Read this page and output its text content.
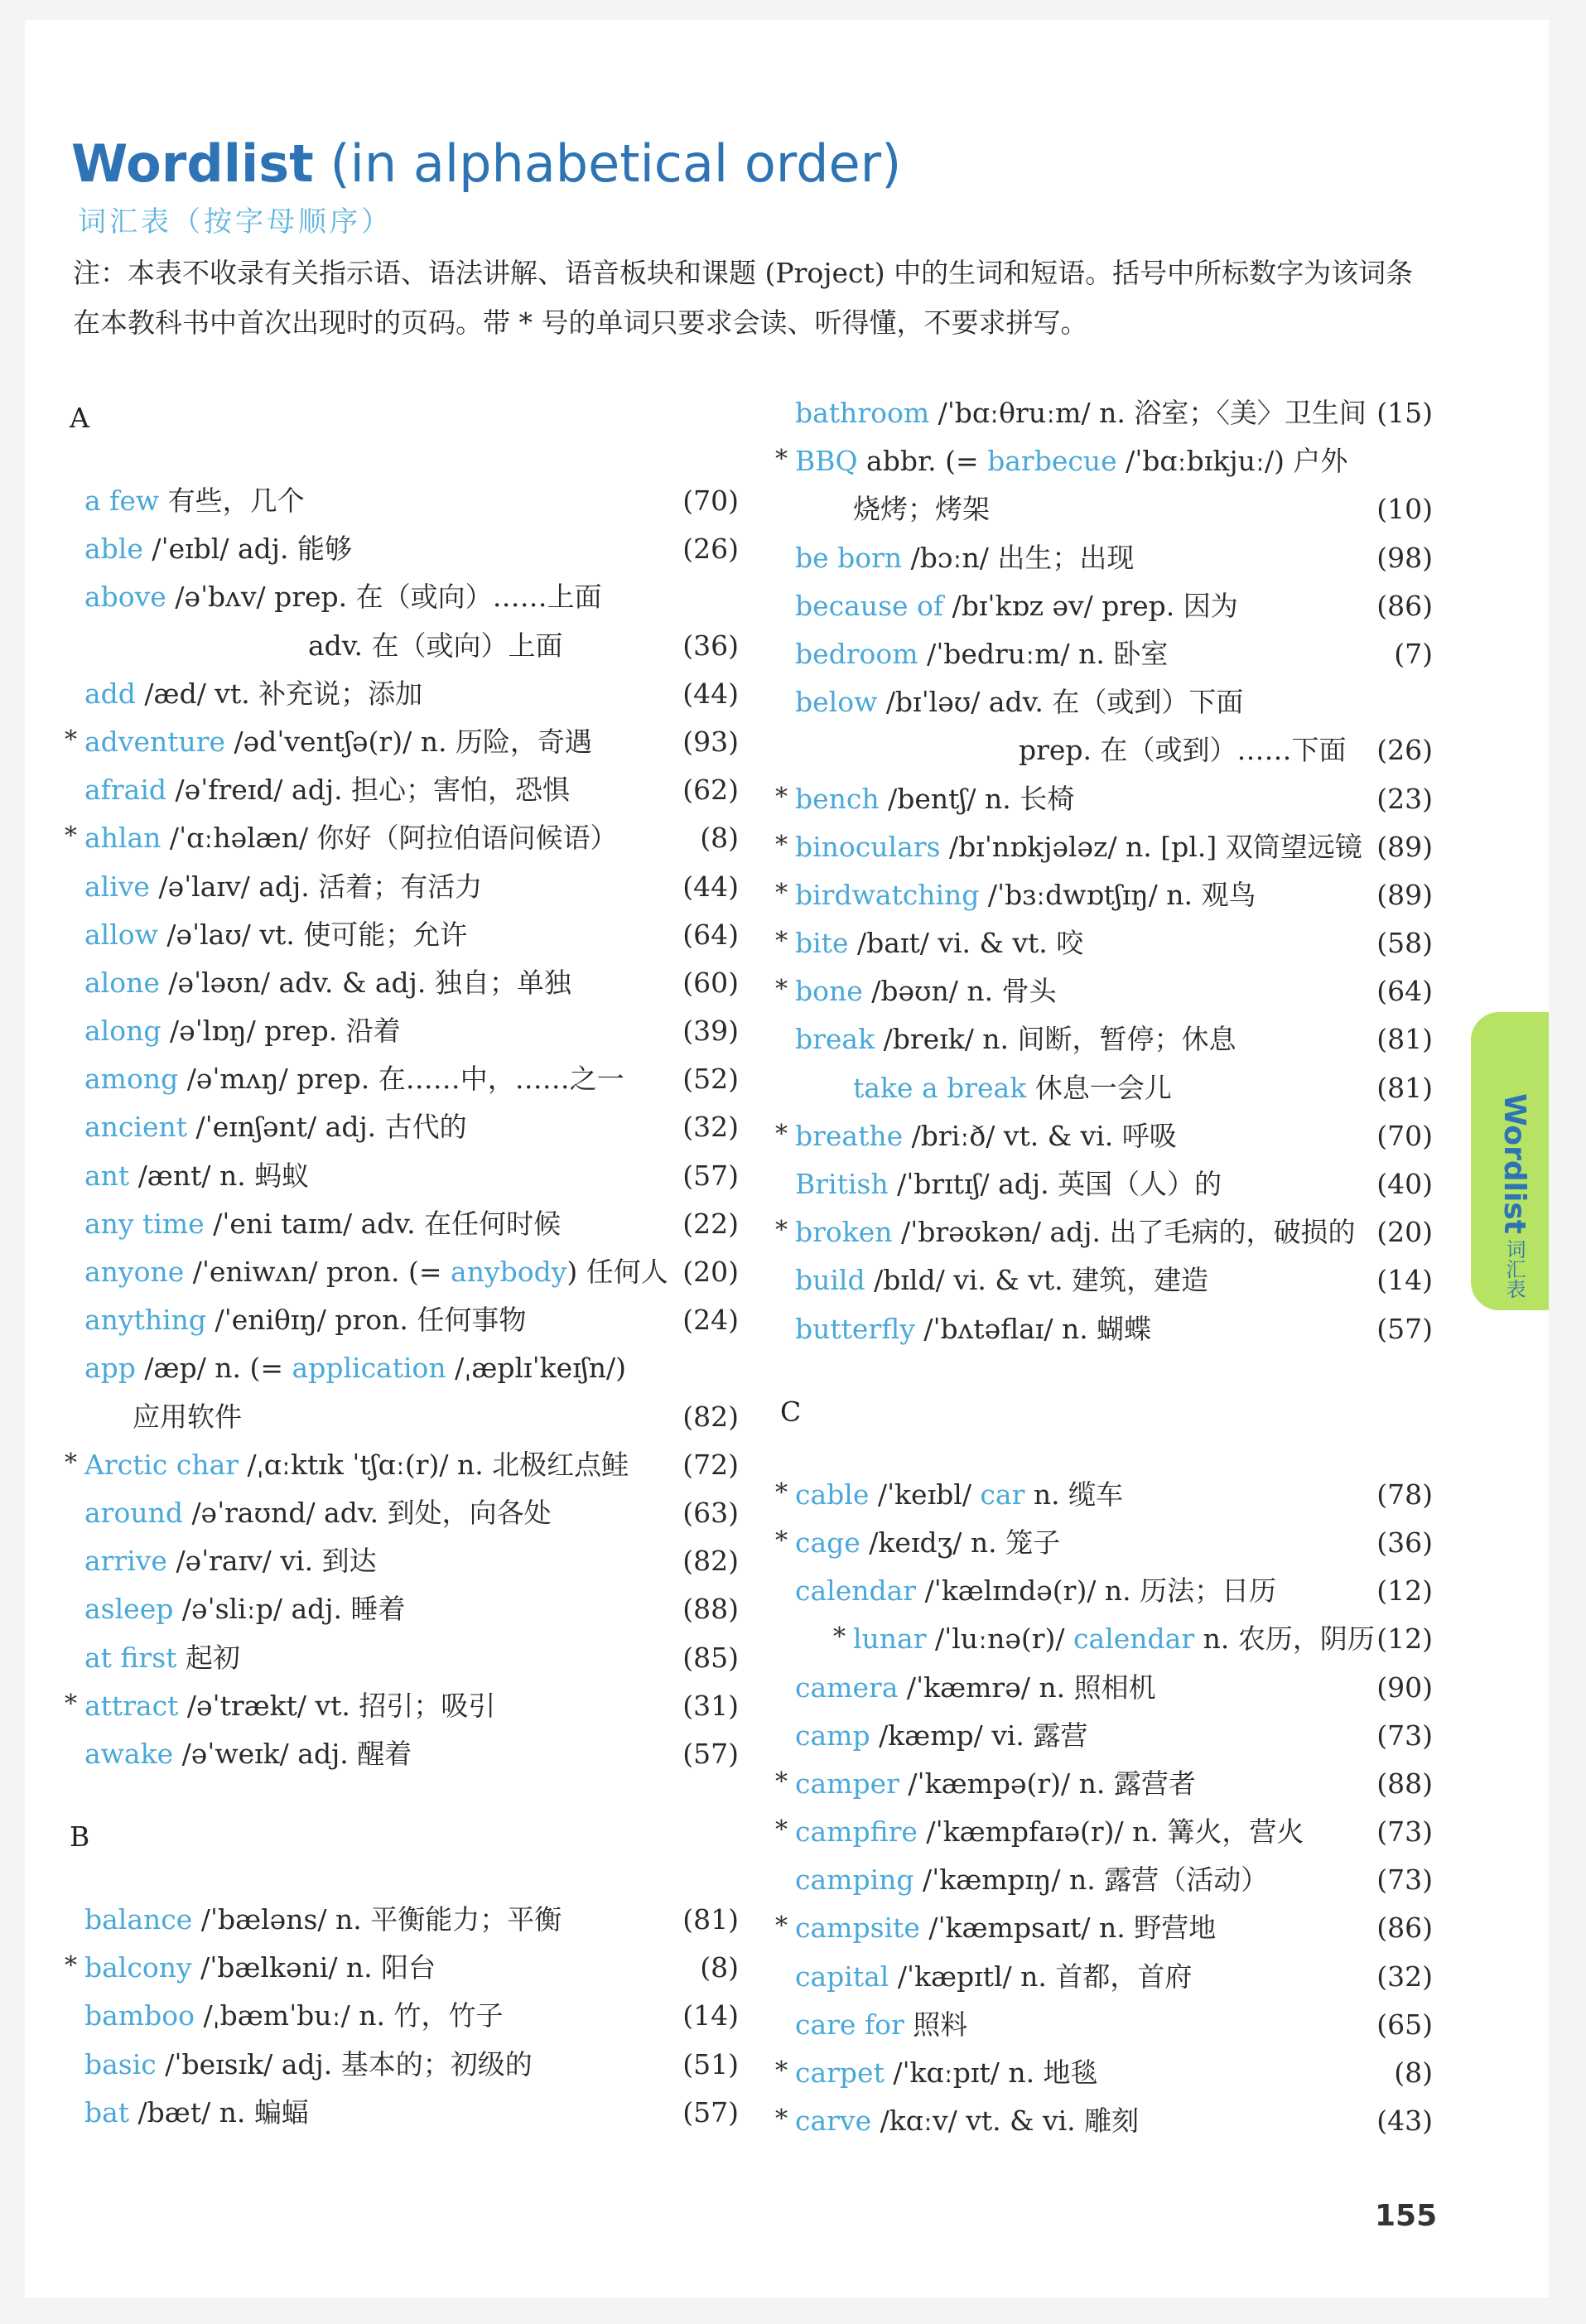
Wordlist (in alphabetical order)
词汇表（按字母顺序）
注：本表不收录有关指示语、语法讲解、语音板块和课题 (Project) 中的生词和短语。括号中所标数字为该词条在本教科书中首次出现时的页码。带 * 号的单词只要求会读、听得懂，不要求拼写。
A
a few 有些，几个	(70)
able /ˈeɪbl/ adj. 能够	(26)
above /əˈbʌv/ prep. 在（或向）……上面
adv. 在（或向）上面	(36)
add /æd/ vt. 补充说；添加	(44)
* adventure /ədˈventʃə(r)/ n. 历险，奇遇	(93)
afraid /əˈfreɪd/ adj. 担心；害怕，恐惧	(62)
* ahlan /ˈɑːhəlæn/ 你好（阿拉伯语问候语）	(8)
alive /əˈlaɪv/ adj. 活着；有活力	(44)
allow /əˈlaʊ/ vt. 使可能；允许	(64)
alone /əˈləʊn/ adv. & adj. 独自；单独	(60)
along /əˈlɒŋ/ prep. 沿着	(39)
among /əˈmʌŋ/ prep. 在……中，……之一 (52)
ancient /ˈeɪnʃənt/ adj. 古代的	(32)
ant /ænt/ n. 蚂蚁	(57)
any time /ˈeni taɪm/ adv. 在任何时候	(22)
anyone /ˈeniwʌn/ pron. (= anybody) 任何人 (20)
anything /ˈeniθɪŋ/ pron. 任何事物	(24)
app /æp/ n. (= application /ˌæplɪˈkeɪʃn/)
应用软件	(82)
* Arctic char /ˌɑːktɪk ˈtʃɑː(r)/ n. 北极红点鲑 (72)
around /əˈraʊnd/ adv. 到处，向各处	(63)
arrive /əˈraɪv/ vi. 到达	(82)
asleep /əˈsliːp/ adj. 睡着	(88)
at first 起初	(85)
* attract /əˈtrækt/ vt. 招引；吸引	(31)
awake /əˈweɪk/ adj. 醒着	(57)
B
balance /ˈbæləns/ n. 平衡能力；平衡	(81)
* balcony /ˈbælkəni/ n. 阳台	(8)
bamboo /ˌbæmˈbuː/ n. 竹，竹子	(14)
basic /ˈbeɪsɪk/ adj. 基本的；初级的	(51)
bat /bæt/ n. 蝙蝠	(57)
bathroom /ˈbɑːθruːm/ n. 浴室；〈美〉卫生间 (15)
* BBQ abbr. (= barbecue /ˈbɑːbɪkjuː/) 户外
烧烤；烤架	(10)
be born /bɔːn/ 出生；出现	(98)
because of /bɪˈkɒz əv/ prep. 因为	(86)
bedroom /ˈbedruːm/ n. 卧室	(7)
below /bɪˈləʊ/ adv. 在（或到）下面
prep. 在（或到）……下面 (26)
* bench /bentʃ/ n. 长椅	(23)
* binoculars /bɪˈnɒkjələz/ n. [pl.] 双筒望远镜 (89)
* birdwatching /ˈbɜːdwɒtʃɪŋ/ n. 观鸟	(89)
* bite /baɪt/ vi. & vt. 咬	(58)
* bone /bəʊn/ n. 骨头	(64)
break /breɪk/ n. 间断，暂停；休息	(81)
take a break 休息一会儿	(81)
* breathe /briːð/ vt. & vi. 呼吸	(70)
British /ˈbrɪtɪʃ/ adj. 英国（人）的	(40)
* broken /ˈbrəʊkən/ adj. 出了毛病的，破损的 (20)
build /bɪld/ vi. & vt. 建筑，建造	(14)
butterfly /ˈbʌtəflaɪ/ n. 蝴蝶	(57)
C
* cable /ˈkeɪbl/ car n. 缆车	(78)
* cage /keɪdʒ/ n. 笼子	(36)
calendar /ˈkælɪndə(r)/ n. 历法；日历	(12)
* lunar /ˈluːnə(r)/ calendar n. 农历，阴历 (12)
camera /ˈkæmrə/ n. 照相机	(90)
camp /kæmp/ vi. 露营	(73)
* camper /ˈkæmpə(r)/ n. 露营者	(88)
* campfire /ˈkæmpfaɪə(r)/ n. 篝火，营火	(73)
camping /ˈkæmpɪŋ/ n. 露营（活动）	(73)
* campsite /ˈkæmpsaɪt/ n. 野营地	(86)
capital /ˈkæpɪtl/ n. 首都，首府	(32)
care for 照料	(65)
* carpet /ˈkɑːpɪt/ n. 地毯	(8)
* carve /kɑːv/ vt. & vi. 雕刻	(43)
Wordlist词汇表
155
